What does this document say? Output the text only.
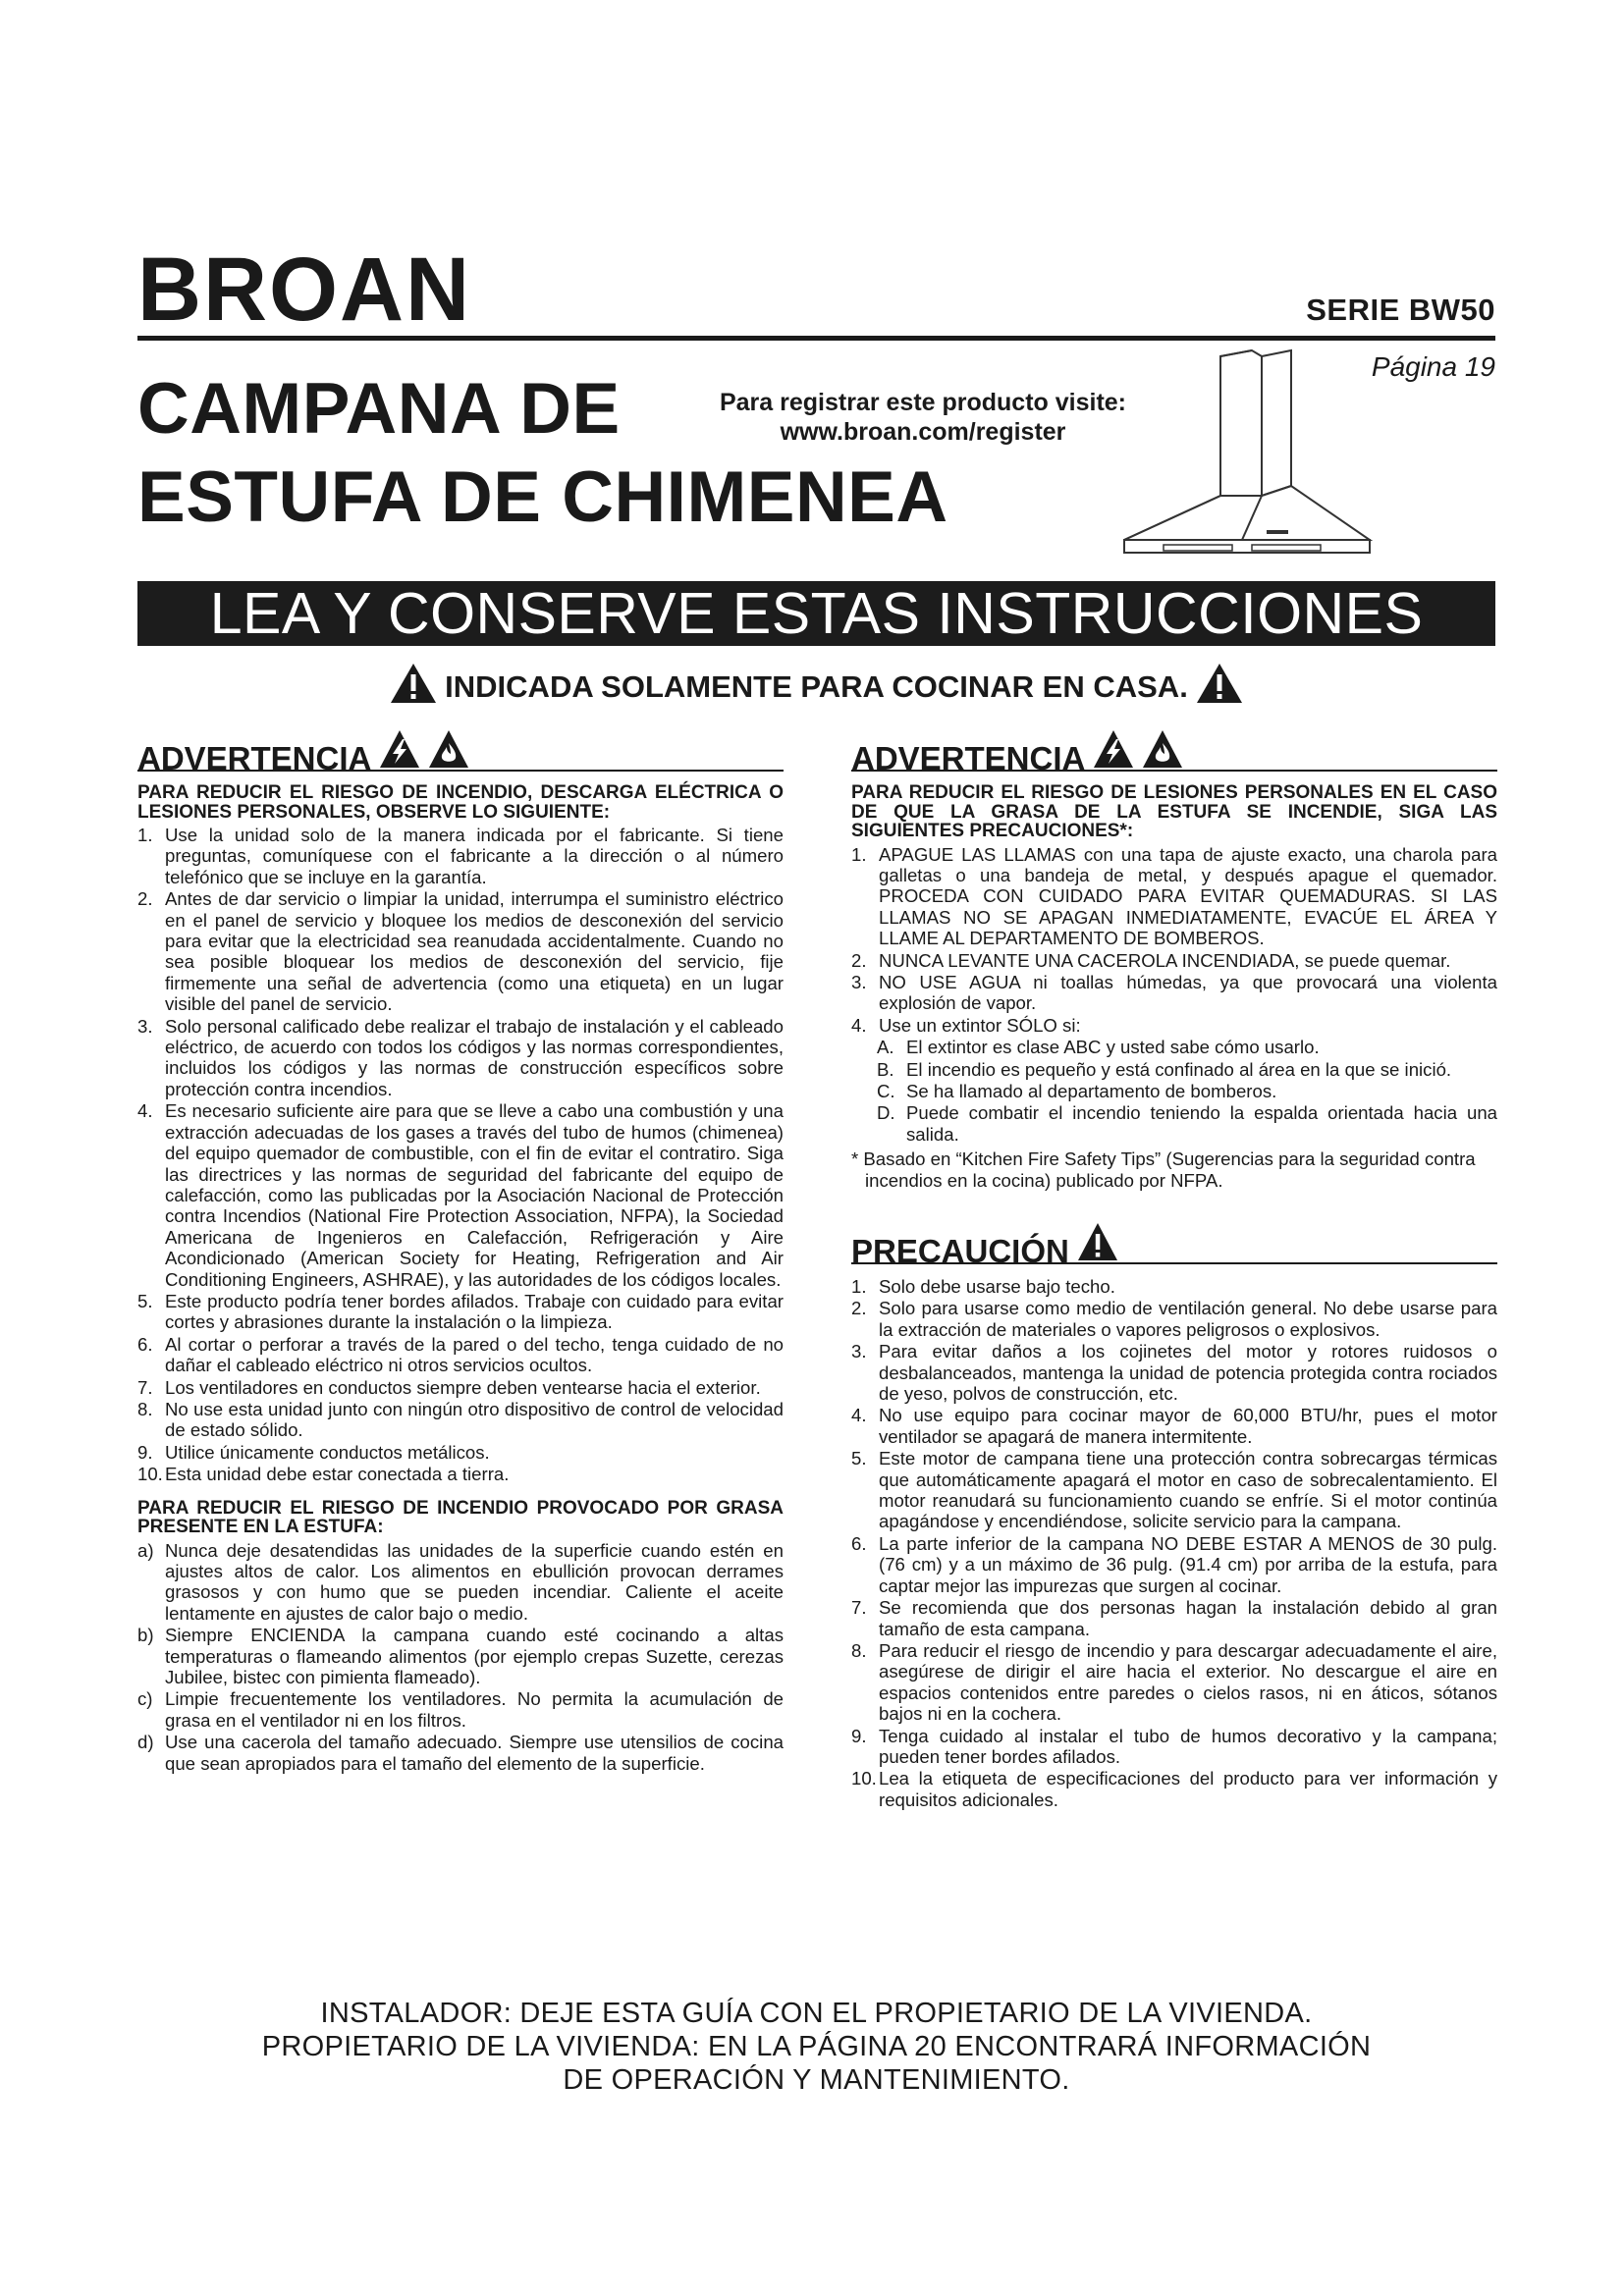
BROAN	SERIE BW50
Página 19
CAMPANA DE
ESTUFA DE CHIMENEA
Para registrar este producto visite:
www.broan.com/register
LEA Y CONSERVE ESTAS INSTRUCCIONES
INDICADA SOLAMENTE PARA COCINAR EN CASA.
ADVERTENCIA

PARA REDUCIR EL RIESGO DE INCENDIO, DESCARGA ELÉCTRICA O LESIONES PERSONALES, OBSERVE LO SIGUIENTE:

1. Use la unidad solo de la manera indicada por el fabricante. Si tiene preguntas, comuníquese con el fabricante a la dirección o al número telefónico que se incluye en la garantía.
2. Antes de dar servicio o limpiar la unidad, interrumpa el suministro eléctrico en el panel de servicio y bloquee los medios de desconexión del servicio para evitar que la electricidad sea reanudada accidentalmente. Cuando no sea posible bloquear los medios de desconexión del servicio, fije firmemente una señal de advertencia (como una etiqueta) en un lugar visible del panel de servicio.
3. Solo personal calificado debe realizar el trabajo de instalación y el cableado eléctrico, de acuerdo con todos los códigos y las normas correspondientes, incluidos los códigos y las normas de construcción específicos sobre protección contra incendios.
4. Es necesario suficiente aire para que se lleve a cabo una combustión y una extracción adecuadas de los gases a través del tubo de humos (chimenea) del equipo quemador de combustible, con el fin de evitar el contratiro. Siga las directrices y las normas de seguridad del fabricante del equipo de calefacción, como las publicadas por la Asociación Nacional de Protección contra Incendios (National Fire Protection Association, NFPA), la Sociedad Americana de Ingenieros en Calefacción, Refrigeración y Aire Acondicionado (American Society for Heating, Refrigeration and Air Conditioning Engineers, ASHRAE), y las autoridades de los códigos locales.
5. Este producto podría tener bordes afilados. Trabaje con cuidado para evitar cortes y abrasiones durante la instalación o la limpieza.
6. Al cortar o perforar a través de la pared o del techo, tenga cuidado de no dañar el cableado eléctrico ni otros servicios ocultos.
7. Los ventiladores en conductos siempre deben ventearse hacia el exterior.
8. No use esta unidad junto con ningún otro dispositivo de control de velocidad de estado sólido.
9. Utilice únicamente conductos metálicos.
10. Esta unidad debe estar conectada a tierra.

PARA REDUCIR EL RIESGO DE INCENDIO PROVOCADO POR GRASA PRESENTE EN LA ESTUFA:

a) Nunca deje desatendidas las unidades de la superficie cuando estén en ajustes altos de calor. Los alimentos en ebullición provocan derrames grasosos y con humo que se pueden incendiar. Caliente el aceite lentamente en ajustes de calor bajo o medio.
b) Siempre ENCIENDA la campana cuando esté cocinando a altas temperaturas o flameando alimentos (por ejemplo crepas Suzette, cerezas Jubilee, bistec con pimienta flameado).
c) Limpie frecuentemente los ventiladores. No permita la acumulación de grasa en el ventilador ni en los filtros.
d) Use una cacerola del tamaño adecuado. Siempre use utensilios de cocina que sean apropiados para el tamaño del elemento de la superficie.
ADVERTENCIA

PARA REDUCIR EL RIESGO DE LESIONES PERSONALES EN EL CASO DE QUE LA GRASA DE LA ESTUFA SE INCENDIE, SIGA LAS SIGUIENTES PRECAUCIONES*:

1. APAGUE LAS LLAMAS con una tapa de ajuste exacto, una charola para galletas o una bandeja de metal, y después apague el quemador. PROCEDA CON CUIDADO PARA EVITAR QUEMADURAS. SI LAS LLAMAS NO SE APAGAN INMEDIATAMENTE, EVACÚE EL ÁREA Y LLAME AL DEPARTAMENTO DE BOMBEROS.
2. NUNCA LEVANTE UNA CACEROLA INCENDIADA, se puede quemar.
3. NO USE AGUA ni toallas húmedas, ya que provocará una violenta explosión de vapor.
4. Use un extintor SÓLO si:
A. El extintor es clase ABC y usted sabe cómo usarlo.
B. El incendio es pequeño y está confinado al área en la que se inició.
C. Se ha llamado al departamento de bomberos.
D. Puede combatir el incendio teniendo la espalda orientada hacia una salida.
* Basado en “Kitchen Fire Safety Tips” (Sugerencias para la seguridad contra incendios en la cocina) publicado por NFPA.
PRECAUCIÓN
1. Solo debe usarse bajo techo.
2. Solo para usarse como medio de ventilación general. No debe usarse para la extracción de materiales o vapores peligrosos o explosivos.
3. Para evitar daños a los cojinetes del motor y rotores ruidosos o desbalanceados, mantenga la unidad de potencia protegida contra rociados de yeso, polvos de construcción, etc.
4. No use equipo para cocinar mayor de 60,000 BTU/hr, pues el motor ventilador se apagará de manera intermitente.
5. Este motor de campana tiene una protección contra sobrecargas térmicas que automáticamente apagará el motor en caso de sobrecalentamiento. El motor reanudará su funcionamiento cuando se enfríe. Si el motor continúa apagándose y encendiéndose, solicite servicio para la campana.
6. La parte inferior de la campana NO DEBE ESTAR A MENOS de 30 pulg. (76 cm) y a un máximo de 36 pulg. (91.4 cm) por arriba de la estufa, para captar mejor las impurezas que surgen al cocinar.
7. Se recomienda que dos personas hagan la instalación debido al gran tamaño de esta campana.
8. Para reducir el riesgo de incendio y para descargar adecuadamente el aire, asegúrese de dirigir el aire hacia el exterior. No descargue el aire en espacios contenidos entre paredes o cielos rasos, ni en áticos, sótanos bajos ni en la cochera.
9. Tenga cuidado al instalar el tubo de humos decorativo y la campana; pueden tener bordes afilados.
10. Lea la etiqueta de especificaciones del producto para ver información y requisitos adicionales.
INSTALADOR: DEJE ESTA GUÍA CON EL PROPIETARIO DE LA VIVIENDA.
PROPIETARIO DE LA VIVIENDA: EN LA PÁGINA 20 ENCONTRARÁ INFORMACIÓN
DE OPERACIÓN Y MANTENIMIENTO.
